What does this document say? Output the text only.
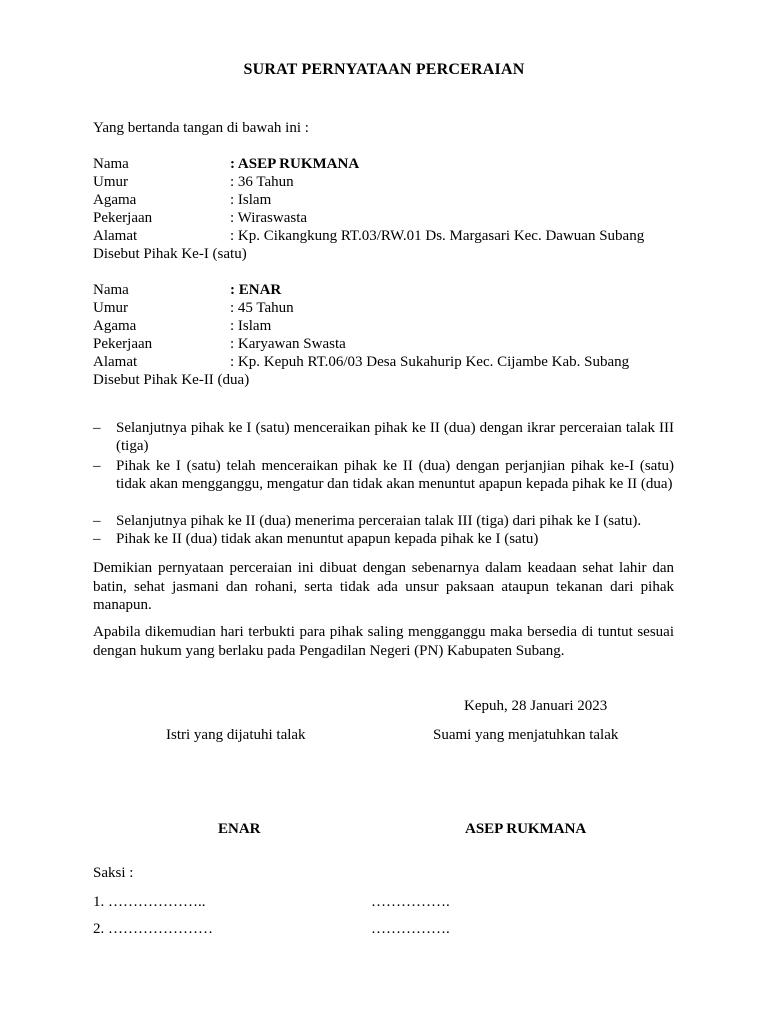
SURAT PERNYATAAN PERCERAIAN
Yang bertanda tangan di bawah ini :
Nama	: ASEP RUKMANA
Umur	: 36 Tahun
Agama	: Islam
Pekerjaan	: Wiraswasta
Alamat	: Kp. Cikangkung RT.03/RW.01 Ds. Margasari Kec. Dawuan Subang
Disebut Pihak Ke-I (satu)
Nama	: ENAR
Umur	: 45 Tahun
Agama	: Islam
Pekerjaan	: Karyawan Swasta
Alamat	: Kp. Kepuh RT.06/03 Desa Sukahurip Kec. Cijambe Kab. Subang
Disebut Pihak Ke-II (dua)
– Selanjutnya pihak ke I (satu) menceraikan pihak ke II (dua) dengan ikrar perceraian talak III (tiga)
– Pihak ke I (satu) telah menceraikan pihak ke II (dua) dengan perjanjian pihak ke-I (satu) tidak akan mengganggu, mengatur dan tidak akan menuntut apapun kepada pihak ke II (dua)
– Selanjutnya pihak ke II (dua) menerima perceraian talak III (tiga) dari pihak ke I (satu).
– Pihak ke II (dua) tidak akan menuntut apapun kepada pihak ke I (satu)
Demikian pernyataan perceraian ini dibuat dengan sebenarnya dalam keadaan sehat lahir dan batin, sehat jasmani dan rohani, serta tidak ada unsur paksaan ataupun tekanan dari pihak manapun.
Apabila dikemudian hari terbukti para pihak saling mengganggu maka bersedia di tuntut sesuai dengan hukum yang berlaku pada Pengadilan Negeri (PN) Kabupaten Subang.
Kepuh, 28 Januari 2023
Istri yang dijatuhi talak	Suami yang menjatuhkan talak
ENAR	ASEP RUKMANA
Saksi :
1. ………………..	…………….
2. …………………	…………….
